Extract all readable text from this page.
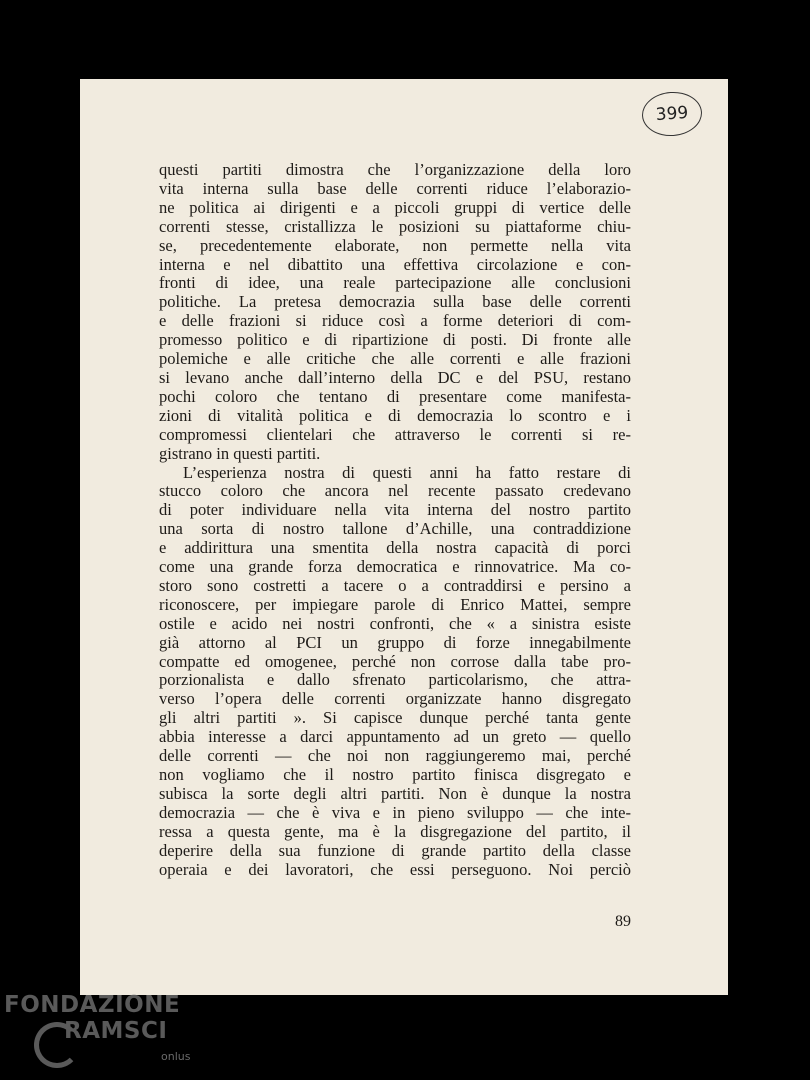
399
questi partiti dimostra che l’organizzazione della loro
vita interna sulla base delle correnti riduce l’elaborazio-
ne politica ai dirigenti e a piccoli gruppi di vertice delle
correnti stesse, cristallizza le posizioni su piattaforme chiu-
se, precedentemente elaborate, non permette nella vita
interna e nel dibattito una effettiva circolazione e con-
fronti di idee, una reale partecipazione alle conclusioni
politiche. La pretesa democrazia sulla base delle correnti
e delle frazioni si riduce così a forme deteriori di com-
promesso politico e di ripartizione di posti. Di fronte alle
polemiche e alle critiche che alle correnti e alle frazioni
si levano anche dall’interno della DC e del PSU, restano
pochi coloro che tentano di presentare come manifesta-
zioni di vitalità politica e di democrazia lo scontro e i
compromessi clientelari che attraverso le correnti si re-
gistrano in questi partiti.
L’esperienza nostra di questi anni ha fatto restare di
stucco coloro che ancora nel recente passato credevano
di poter individuare nella vita interna del nostro partito
una sorta di nostro tallone d’Achille, una contraddizione
e addirittura una smentita della nostra capacità di porci
come una grande forza democratica e rinnovatrice. Ma co-
storo sono costretti a tacere o a contraddirsi e persino a
riconoscere, per impiegare parole di Enrico Mattei, sempre
ostile e acido nei nostri confronti, che « a sinistra esiste
già attorno al PCI un gruppo di forze innegabilmente
compatte ed omogenee, perché non corrose dalla tabe pro-
porzionalista e dallo sfrenato particolarismo, che attra-
verso l’opera delle correnti organizzate hanno disgregato
gli altri partiti ». Si capisce dunque perché tanta gente
abbia interesse a darci appuntamento ad un greto — quello
delle correnti — che noi non raggiungeremo mai, perché
non vogliamo che il nostro partito finisca disgregato e
subisca la sorte degli altri partiti. Non è dunque la nostra
democrazia — che è viva e in pieno sviluppo — che inte-
ressa a questa gente, ma è la disgregazione del partito, il
deperire della sua funzione di grande partito della classe
operaia e dei lavoratori, che essi perseguono. Noi perciò
89
FONDAZIONE
RAMSCI
onlus
